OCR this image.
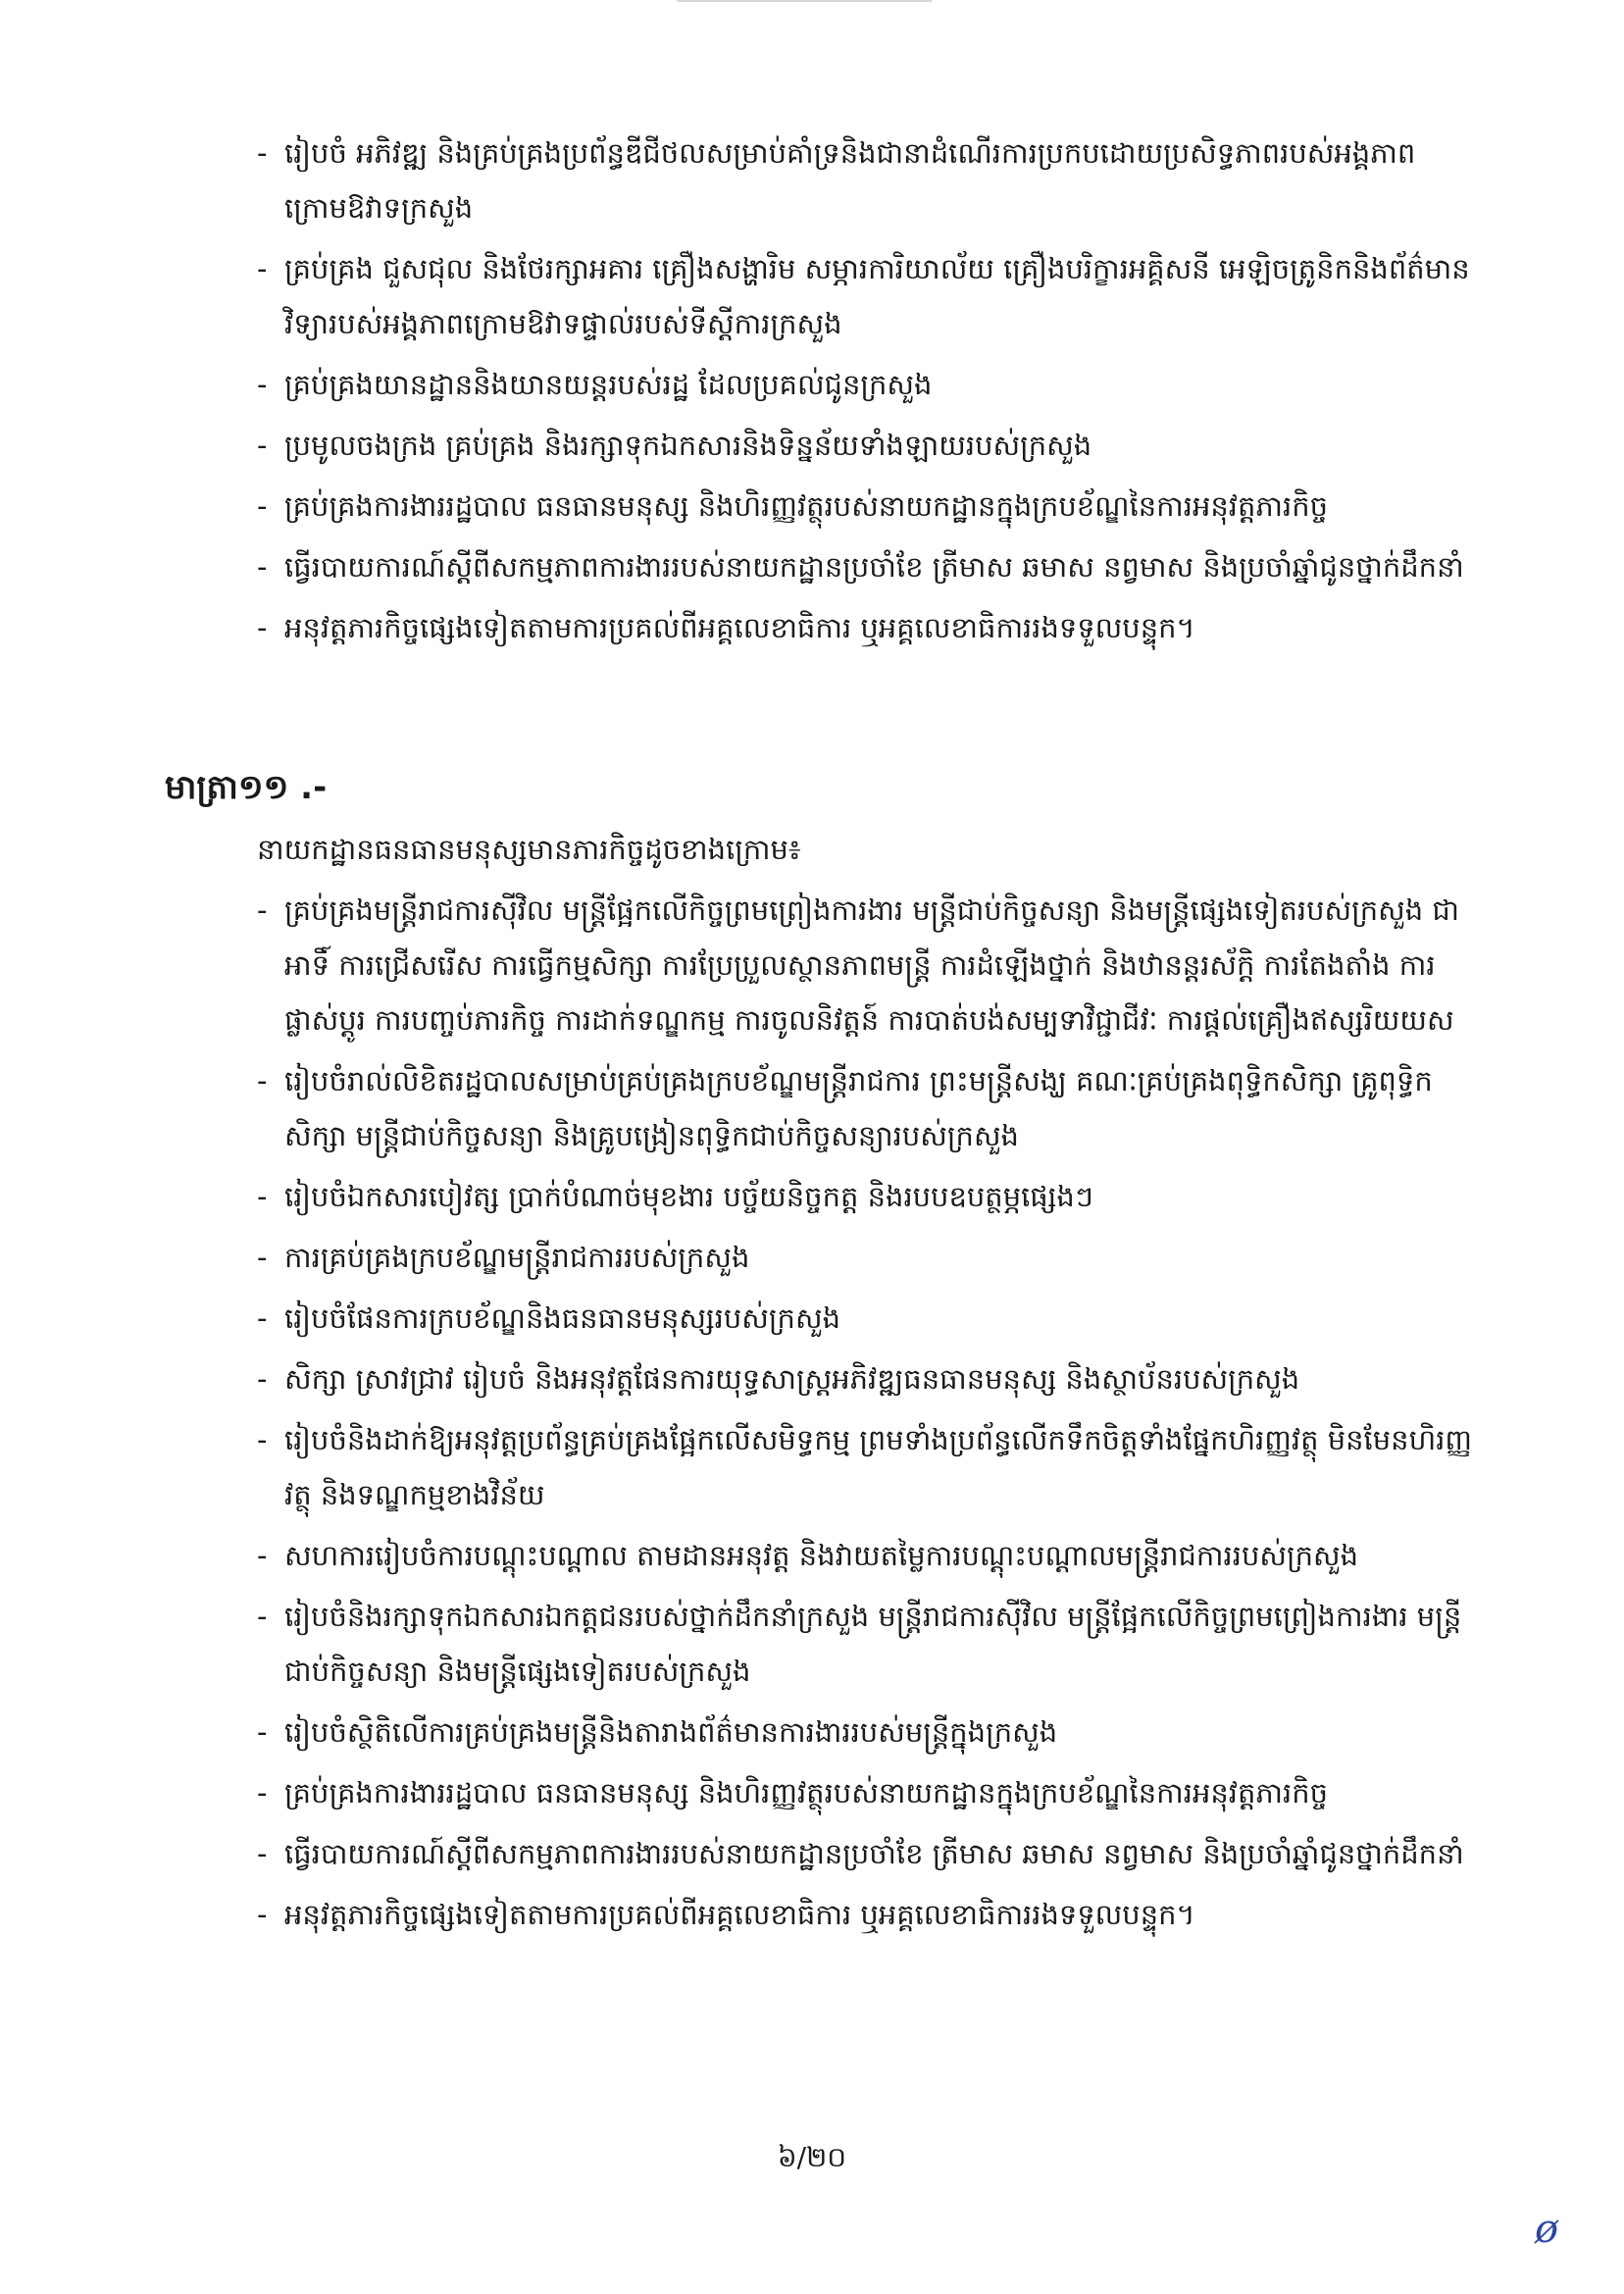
- រៀបចំ អភិវឌ្ឍ និងគ្រប់គ្រងប្រព័ន្ធឌីជីថលសម្រាប់គាំទ្រនិងជានាដំណើរការប្រកបដោយប្រសិទ្ធភាពរបស់អង្គភាពក្រោមឱវាទក្រសួង
- គ្រប់គ្រង ជួសជុល និងថែរក្សាអគារ គ្រឿងសង្ហារិម សម្ភារការិយាល័យ គ្រឿងបរិក្ខារអគ្គិសនី អេឡិចត្រូនិកនិងព័ត៌មានវិទ្យារបស់អង្គភាពក្រោមឱវាទផ្ទាល់របស់ទីស្តីការក្រសួង
- គ្រប់គ្រងយានដ្ឋាននិងយានយន្តរបស់រដ្ឋ ដែលប្រគល់ជូនក្រសួង
- ប្រមូលចងក្រង គ្រប់គ្រង និងរក្សាទុកឯកសារនិងទិន្នន័យទាំងឡាយរបស់ក្រសួង
- គ្រប់គ្រងការងាររដ្ឋបាល ធនធានមនុស្ស និងហិរញ្ញវត្ថុរបស់នាយកដ្ឋានក្នុងក្របខ័ណ្ឌនៃការអនុវត្តភារកិច្ច
- ធ្វើរបាយការណ៍ស្តីពីសកម្មភាពការងាររបស់នាយកដ្ឋានប្រចាំខែ ត្រីមាស ឆមាស នព្វមាស និងប្រចាំឆ្នាំជូនថ្នាក់ដឹកនាំ
- អនុវត្តភារកិច្ចផ្សេងទៀតតាមការប្រគល់ពីអគ្គលេខាធិការ ឬអគ្គលេខាធិការរងទទួលបន្ទុក។
មាត្រា១១ .-
នាយកដ្ឋានធនធានមនុស្សមានភារកិច្ចដូចខាងក្រោម៖
- គ្រប់គ្រងមន្ត្រីរាជការស៊ីវិល មន្ត្រីផ្អែកលើកិច្ចព្រមព្រៀងការងារ មន្ត្រីជាប់កិច្ចសន្យា និងមន្ត្រីផ្សេងទៀតរបស់ក្រសួង ជាអាទិ៍ ការជ្រើសរើស ការធ្វើកម្មសិក្សា ការប្រែប្រួលស្ថានភាពមន្ត្រី ការដំឡើងថ្នាក់ និងឋានន្តរស័ក្តិ ការតែងតាំង ការផ្លាស់ប្តូរ ការបញ្ចប់ភារកិច្ច ការដាក់ទណ្ឌកម្ម ការចូលនិវត្តន៍ ការបាត់បង់សម្បទាវិជ្ជាជីវៈ ការផ្តល់គ្រឿងឥស្សរិយយស
- រៀបចំរាល់លិខិតរដ្ឋបាលសម្រាប់គ្រប់គ្រងក្របខ័ណ្ឌមន្ត្រីរាជការ ព្រះមន្ត្រីសង្ឃ គណៈគ្រប់គ្រងពុទ្ធិកសិក្សា គ្រូពុទ្ធិកសិក្សា មន្ត្រីជាប់កិច្ចសន្យា និងគ្រូបង្រៀនពុទ្ធិកជាប់កិច្ចសន្យារបស់ក្រសួង
- រៀបចំឯកសារបៀវត្ស ប្រាក់បំណាច់មុខងារ បច្ច័យនិច្ចកត្ត និងរបបឧបត្ថម្ភផ្សេងៗ
- ការគ្រប់គ្រងក្របខ័ណ្ឌមន្ត្រីរាជការរបស់ក្រសួង
- រៀបចំផែនការក្របខ័ណ្ឌនិងធនធានមនុស្សរបស់ក្រសួង
- សិក្សា ស្រាវជ្រាវ រៀបចំ និងអនុវត្តផែនការយុទ្ធសាស្ត្រអភិវឌ្ឍធនធានមនុស្ស និងស្ថាប័នរបស់ក្រសួង
- រៀបចំនិងដាក់ឱ្យអនុវត្តប្រព័ន្ធគ្រប់គ្រងផ្អែកលើសមិទ្ធកម្ម ព្រមទាំងប្រព័ន្ធលើកទឹកចិត្តទាំងផ្នែកហិរញ្ញវត្ថុ មិនមែនហិរញ្ញវត្ថុ និងទណ្ឌកម្មខាងវិន័យ
- សហការរៀបចំការបណ្តុះបណ្តាល តាមដានអនុវត្ត និងវាយតម្លៃការបណ្តុះបណ្តាលមន្ត្រីរាជការរបស់ក្រសួង
- រៀបចំនិងរក្សាទុកឯកសារឯកត្តជនរបស់ថ្នាក់ដឹកនាំក្រសួង មន្ត្រីរាជការស៊ីវិល មន្ត្រីផ្អែកលើកិច្ចព្រមព្រៀងការងារ មន្ត្រីជាប់កិច្ចសន្យា និងមន្ត្រីផ្សេងទៀតរបស់ក្រសួង
- រៀបចំស្ថិតិលើការគ្រប់គ្រងមន្ត្រីនិងតារាងព័ត៌មានការងាររបស់មន្ត្រីក្នុងក្រសួង
- គ្រប់គ្រងការងាររដ្ឋបាល ធនធានមនុស្ស និងហិរញ្ញវត្ថុរបស់នាយកដ្ឋានក្នុងក្របខ័ណ្ឌនៃការអនុវត្តភារកិច្ច
- ធ្វើរបាយការណ៍ស្តីពីសកម្មភាពការងាររបស់នាយកដ្ឋានប្រចាំខែ ត្រីមាស ឆមាស នព្វមាស និងប្រចាំឆ្នាំជូនថ្នាក់ដឹកនាំ
- អនុវត្តភារកិច្ចផ្សេងទៀតតាមការប្រគល់ពីអគ្គលេខាធិការ ឬអគ្គលេខាធិការរងទទួលបន្ទុក។
៦/២០
ø
